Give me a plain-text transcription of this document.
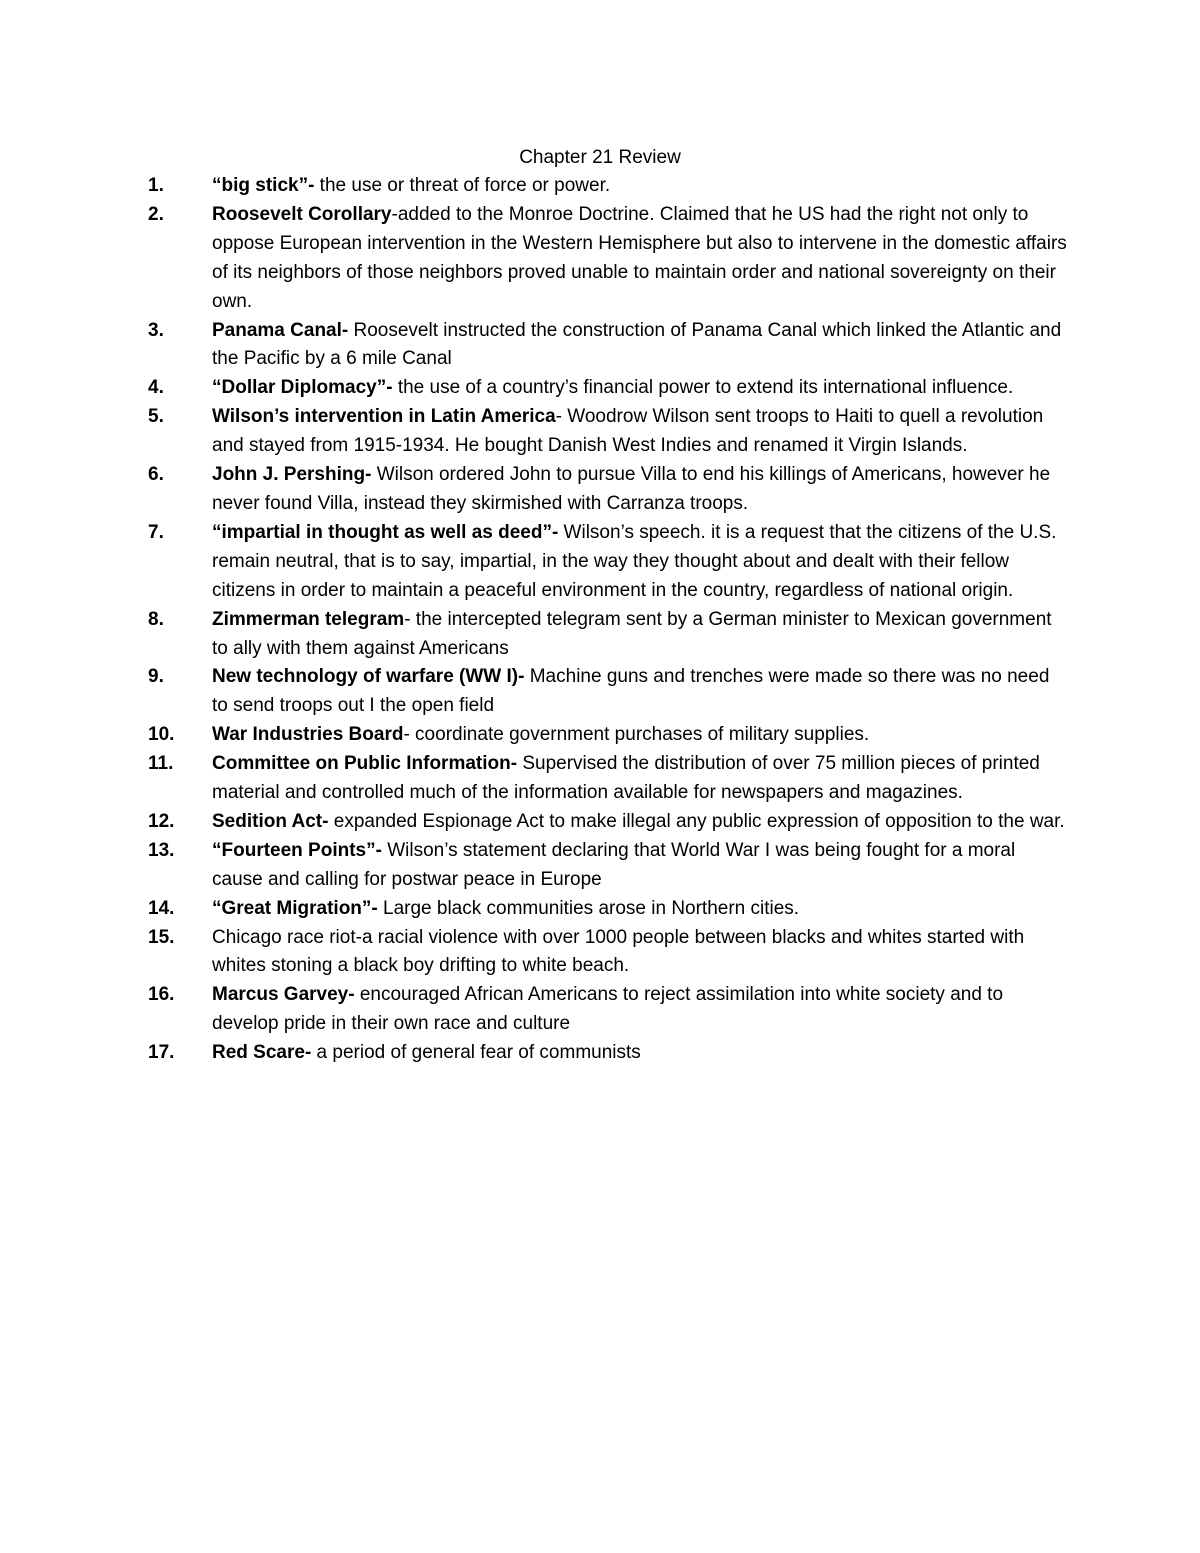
Chapter 21 Review
1.	“big stick”- the use or threat of force or power.
2.	Roosevelt Corollary-added to the Monroe Doctrine. Claimed that he US had the right not only to oppose European intervention in the Western Hemisphere but also to intervene in the domestic affairs of its neighbors of those neighbors proved unable to maintain order and national sovereignty on their own.
3.	Panama Canal- Roosevelt instructed the construction of Panama Canal which linked the Atlantic and the Pacific by a 6 mile Canal
4.	“Dollar Diplomacy”- the use of a country’s financial power to extend its international influence.
5.	Wilson’s intervention in Latin America- Woodrow Wilson sent troops to Haiti to quell a revolution and stayed from 1915-1934. He bought Danish West Indies and renamed it Virgin Islands.
6.	John J. Pershing- Wilson ordered John to pursue Villa to end his killings of Americans, however he never found Villa, instead they skirmished with Carranza troops.
7.	“impartial in thought as well as deed”- Wilson’s speech. it is a request that the citizens of the U.S. remain neutral, that is to say, impartial, in the way they thought about and dealt with their fellow citizens in order to maintain a peaceful environment in the country, regardless of national origin.
8.	Zimmerman telegram- the intercepted telegram sent by a German minister to Mexican government to ally with them against Americans
9.	New technology of warfare (WW I)- Machine guns and trenches were made so there was no need to send troops out I the open field
10.	War Industries Board- coordinate government purchases of military supplies.
11.	Committee on Public Information- Supervised the distribution of over 75 million pieces of printed material and controlled much of the information available for newspapers and magazines.
12.	Sedition Act- expanded Espionage Act to make illegal any public expression of opposition to the war.
13.	“Fourteen Points”- Wilson’s statement declaring that World War I was being fought for a moral cause and calling for postwar peace in Europe
14.	“Great Migration”- Large black communities arose in Northern cities.
15.	Chicago race riot-a racial violence with over 1000 people between blacks and whites started with whites stoning a black boy drifting to white beach.
16.	Marcus Garvey- encouraged African Americans to reject assimilation into white society and to develop pride in their own race and culture
17.	Red Scare- a period of general fear of communists
